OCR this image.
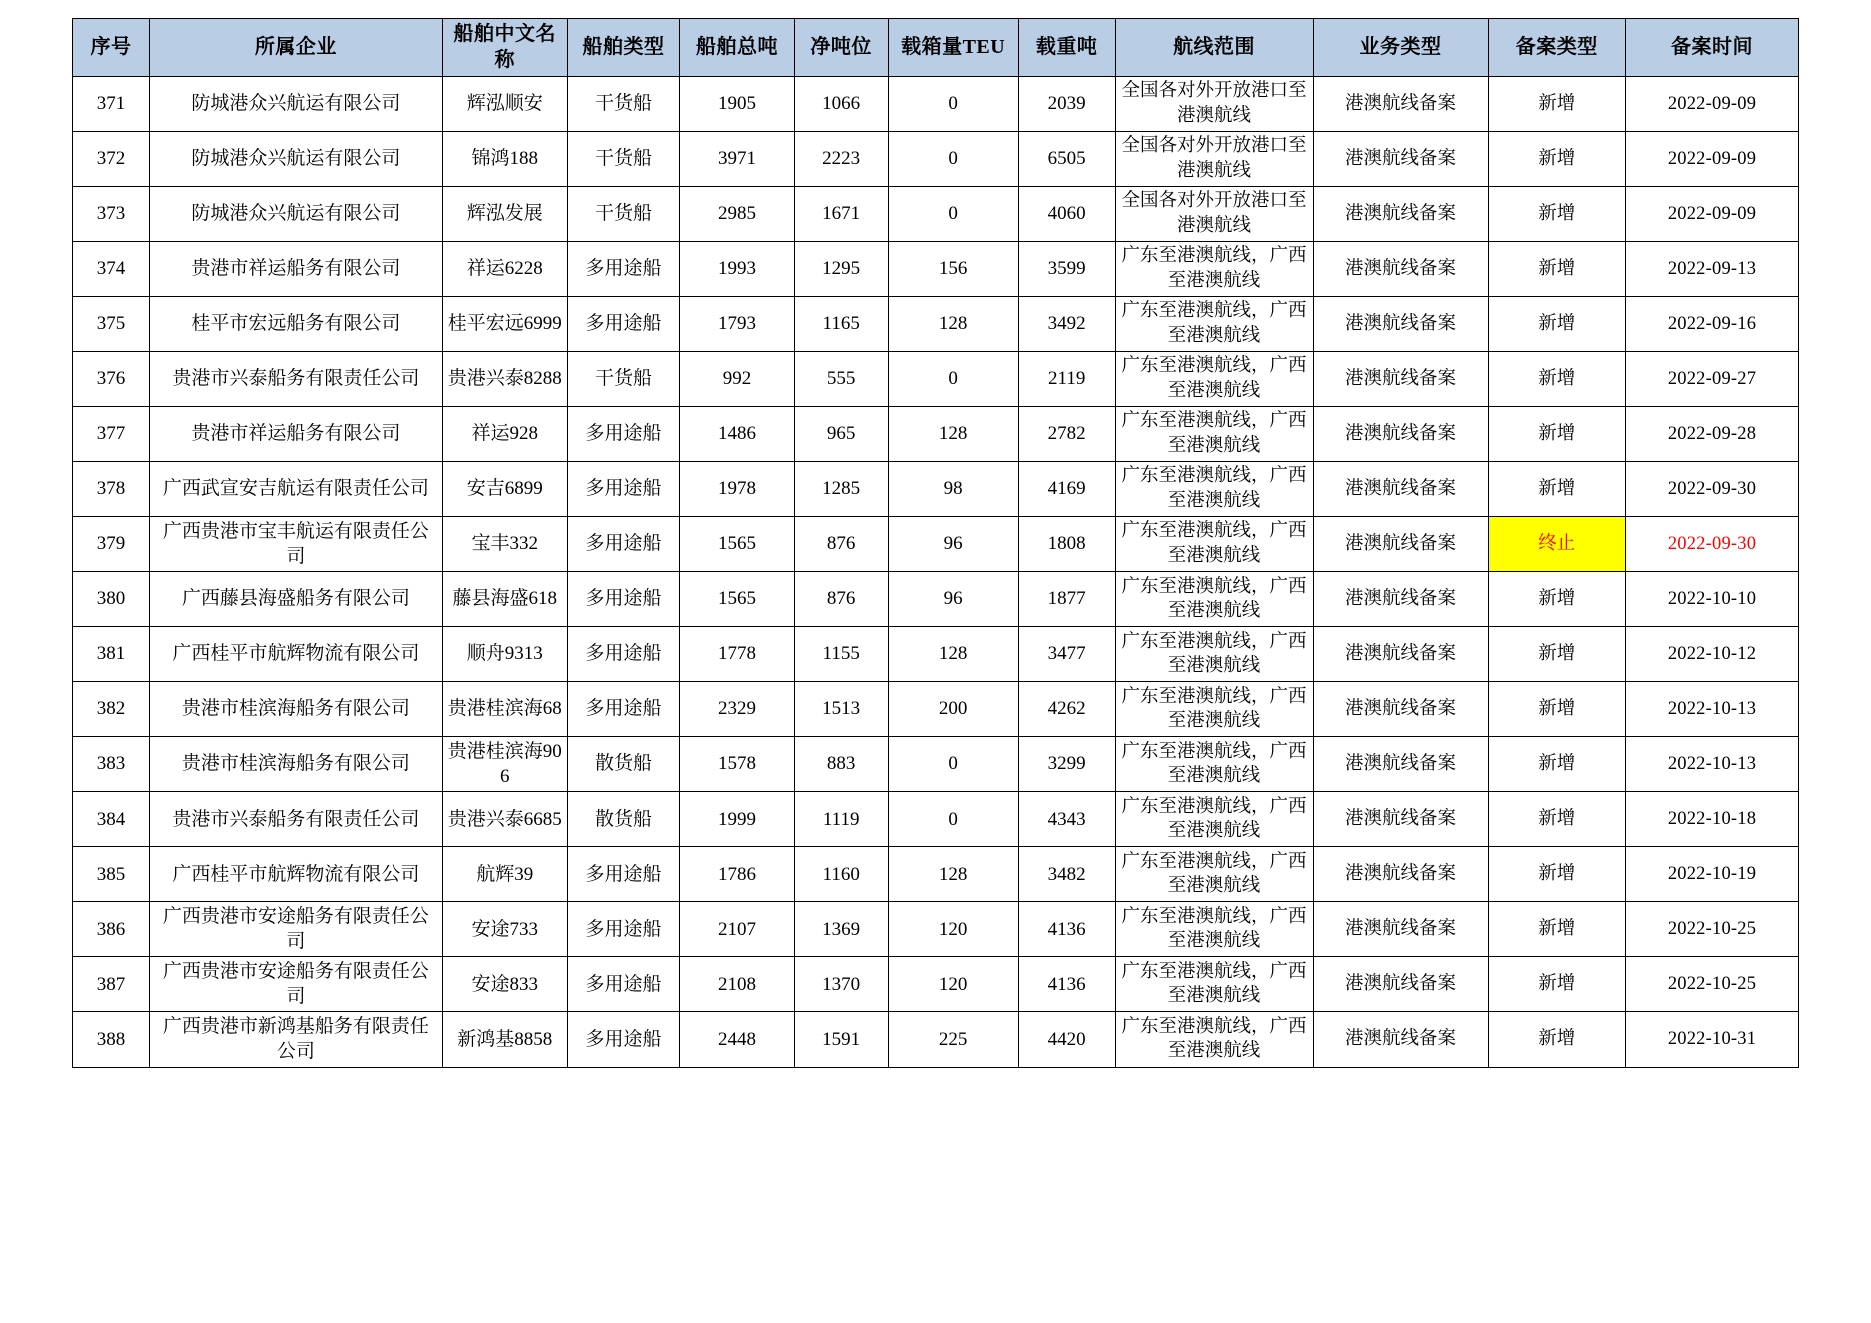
序号	所属企业	船舶中文名称	船舶类型	船舶总吨	净吨位	载箱量TEU	载重吨	航线范围	业务类型	备案类型	备案时间
371	防城港众兴航运有限公司	辉泓顺安	干货船	1905	1066	0	2039	全国各对外开放港口至港澳航线	港澳航线备案	新增	2022-09-09
372	防城港众兴航运有限公司	锦鸿188	干货船	3971	2223	0	6505	全国各对外开放港口至港澳航线	港澳航线备案	新增	2022-09-09
373	防城港众兴航运有限公司	辉泓发展	干货船	2985	1671	0	4060	全国各对外开放港口至港澳航线	港澳航线备案	新增	2022-09-09
374	贵港市祥运船务有限公司	祥运6228	多用途船	1993	1295	156	3599	广东至港澳航线，广西至港澳航线	港澳航线备案	新增	2022-09-13
375	桂平市宏远船务有限公司	桂平宏远6999	多用途船	1793	1165	128	3492	广东至港澳航线，广西至港澳航线	港澳航线备案	新增	2022-09-16
376	贵港市兴泰船务有限责任公司	贵港兴泰8288	干货船	992	555	0	2119	广东至港澳航线，广西至港澳航线	港澳航线备案	新增	2022-09-27
377	贵港市祥运船务有限公司	祥运928	多用途船	1486	965	128	2782	广东至港澳航线，广西至港澳航线	港澳航线备案	新增	2022-09-28
378	广西武宣安吉航运有限责任公司	安吉6899	多用途船	1978	1285	98	4169	广东至港澳航线，广西至港澳航线	港澳航线备案	新增	2022-09-30
379	广西贵港市宝丰航运有限责任公司	宝丰332	多用途船	1565	876	96	1808	广东至港澳航线，广西至港澳航线	港澳航线备案	终止	2022-09-30
380	广西藤县海盛船务有限公司	藤县海盛618	多用途船	1565	876	96	1877	广东至港澳航线，广西至港澳航线	港澳航线备案	新增	2022-10-10
381	广西桂平市航辉物流有限公司	顺舟9313	多用途船	1778	1155	128	3477	广东至港澳航线，广西至港澳航线	港澳航线备案	新增	2022-10-12
382	贵港市桂滨海船务有限公司	贵港桂滨海68	多用途船	2329	1513	200	4262	广东至港澳航线，广西至港澳航线	港澳航线备案	新增	2022-10-13
383	贵港市桂滨海船务有限公司	贵港桂滨海906	散货船	1578	883	0	3299	广东至港澳航线，广西至港澳航线	港澳航线备案	新增	2022-10-13
384	贵港市兴泰船务有限责任公司	贵港兴泰6685	散货船	1999	1119	0	4343	广东至港澳航线，广西至港澳航线	港澳航线备案	新增	2022-10-18
385	广西桂平市航辉物流有限公司	航辉39	多用途船	1786	1160	128	3482	广东至港澳航线，广西至港澳航线	港澳航线备案	新增	2022-10-19
386	广西贵港市安途船务有限责任公司	安途733	多用途船	2107	1369	120	4136	广东至港澳航线，广西至港澳航线	港澳航线备案	新增	2022-10-25
387	广西贵港市安途船务有限责任公司	安途833	多用途船	2108	1370	120	4136	广东至港澳航线，广西至港澳航线	港澳航线备案	新增	2022-10-25
388	广西贵港市新鸿基船务有限责任公司	新鸿基8858	多用途船	2448	1591	225	4420	广东至港澳航线，广西至港澳航线	港澳航线备案	新增	2022-10-31
